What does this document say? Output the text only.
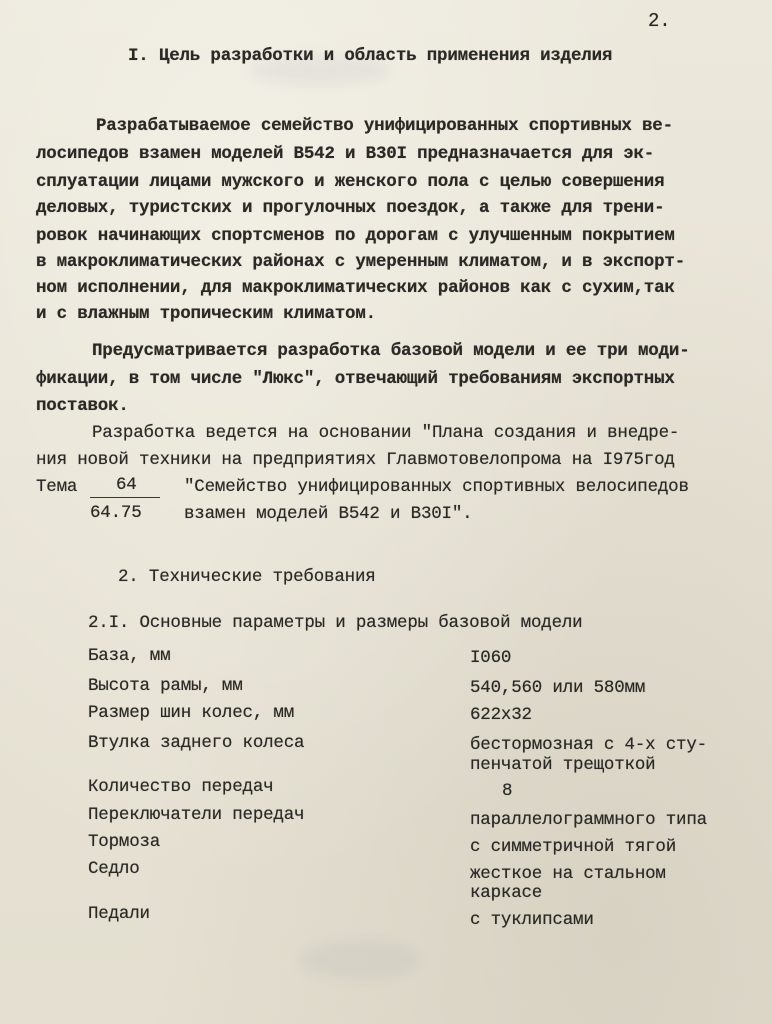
2.
I. Цель разработки и область применения изделия
Разрабатываемое семейство унифицированных спортивных ве-
лосипедов взамен моделей В542 и В30I предназначается для эк-
сплуатации лицами мужского и женского пола с целью совершения
деловых, туристских и прогулочных поездок, а также для трени-
ровок начинающих спортсменов по дорогам с улучшенным покрытием
в макроклиматических районах с умеренным климатом, и в экспорт-
ном исполнении, для макроклиматических районов как с сухим,так
и с влажным тропическим климатом.
Предусматривается разработка базовой модели и ее три моди-
фикации, в том числе "Люкс", отвечающий требованиям экспортных
поставок.
Разработка ведется на основании "Плана создания и внедре-
ния новой техники на предприятиях Главмотовелопрома на I975год
Тема 64	"Семейство унифицированных спортивных велосипедов
64.75 взамен моделей В542 и В30I".
2. Технические требования
2.I. Основные параметры и размеры базовой модели
База, мм	I060
Высота рамы, мм	540,560 или 580мм
Размер шин колес, мм	622х32
Втулка заднего колеса	бестормозная с 4-х сту-
пенчатой трещоткой
Количество передач	8
Переключатели передач	параллелограммного типа
Тормоза	с симметричной тягой
Седло	жесткое на стальном
каркасе
Педали	с туклипсами
